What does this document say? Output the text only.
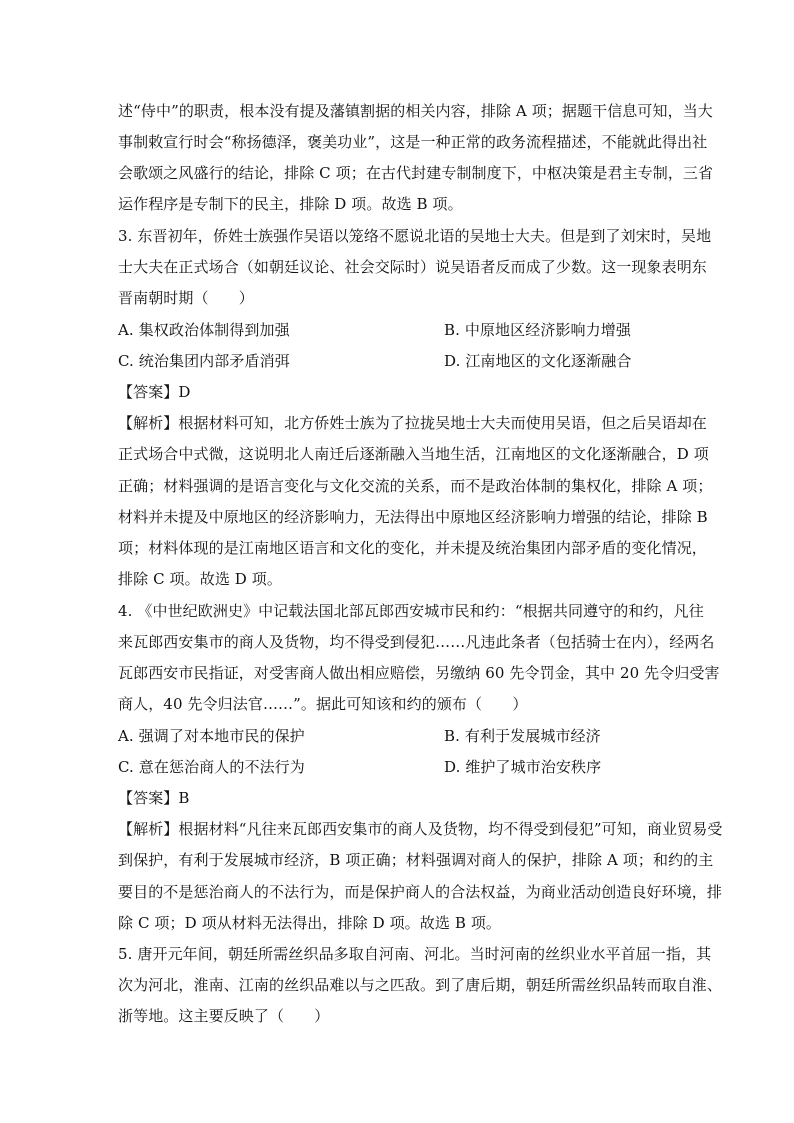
述“侍中”的职责，根本没有提及藩镇割据的相关内容，排除 A 项；据题干信息可知，当大
事制敕宣行时会“称扬德泽，褒美功业”，这是一种正常的政务流程描述，不能就此得出社
会歌颂之风盛行的结论，排除 C 项；在古代封建专制制度下，中枢决策是君主专制，三省
运作程序是专制下的民主，排除 D 项。故选 B 项。
3. 东晋初年，侨姓士族强作吴语以笼络不愿说北语的吴地士大夫。但是到了刘宋时，吴地
士大夫在正式场合（如朝廷议论、社会交际时）说吴语者反而成了少数。这一现象表明东
晋南朝时期（　　）
A. 集权政治体制得到加强	B. 中原地区经济影响力增强
C. 统治集团内部矛盾消弭	D. 江南地区的文化逐渐融合
【答案】D
【解析】根据材料可知，北方侨姓士族为了拉拢吴地士大夫而使用吴语，但之后吴语却在
正式场合中式微，这说明北人南迁后逐渐融入当地生活，江南地区的文化逐渐融合，D 项
正确；材料强调的是语言变化与文化交流的关系，而不是政治体制的集权化，排除 A 项；
材料并未提及中原地区的经济影响力，无法得出中原地区经济影响力增强的结论，排除 B
项；材料体现的是江南地区语言和文化的变化，并未提及统治集团内部矛盾的变化情况，
排除 C 项。故选 D 项。
4. 《中世纪欧洲史》中记载法国北部瓦郎西安城市民和约：“根据共同遵守的和约，凡往
来瓦郎西安集市的商人及货物，均不得受到侵犯……凡违此条者（包括骑士在内），经两名
瓦郎西安市民指证，对受害商人做出相应赔偿，另缴纳 60 先令罚金，其中 20 先令归受害
商人，40 先令归法官……”。据此可知该和约的颁布（　　）
A. 强调了对本地市民的保护	B. 有利于发展城市经济
C. 意在惩治商人的不法行为	D. 维护了城市治安秩序
【答案】B
【解析】根据材料“凡往来瓦郎西安集市的商人及货物，均不得受到侵犯”可知，商业贸易受
到保护，有利于发展城市经济，B 项正确；材料强调对商人的保护，排除 A 项；和约的主
要目的不是惩治商人的不法行为，而是保护商人的合法权益，为商业活动创造良好环境，排
除 C 项；D 项从材料无法得出，排除 D 项。故选 B 项。
5. 唐开元年间，朝廷所需丝织品多取自河南、河北。当时河南的丝织业水平首屈一指，其
次为河北，淮南、江南的丝织品难以与之匹敌。到了唐后期，朝廷所需丝织品转而取自淮、
浙等地。这主要反映了（　　）
